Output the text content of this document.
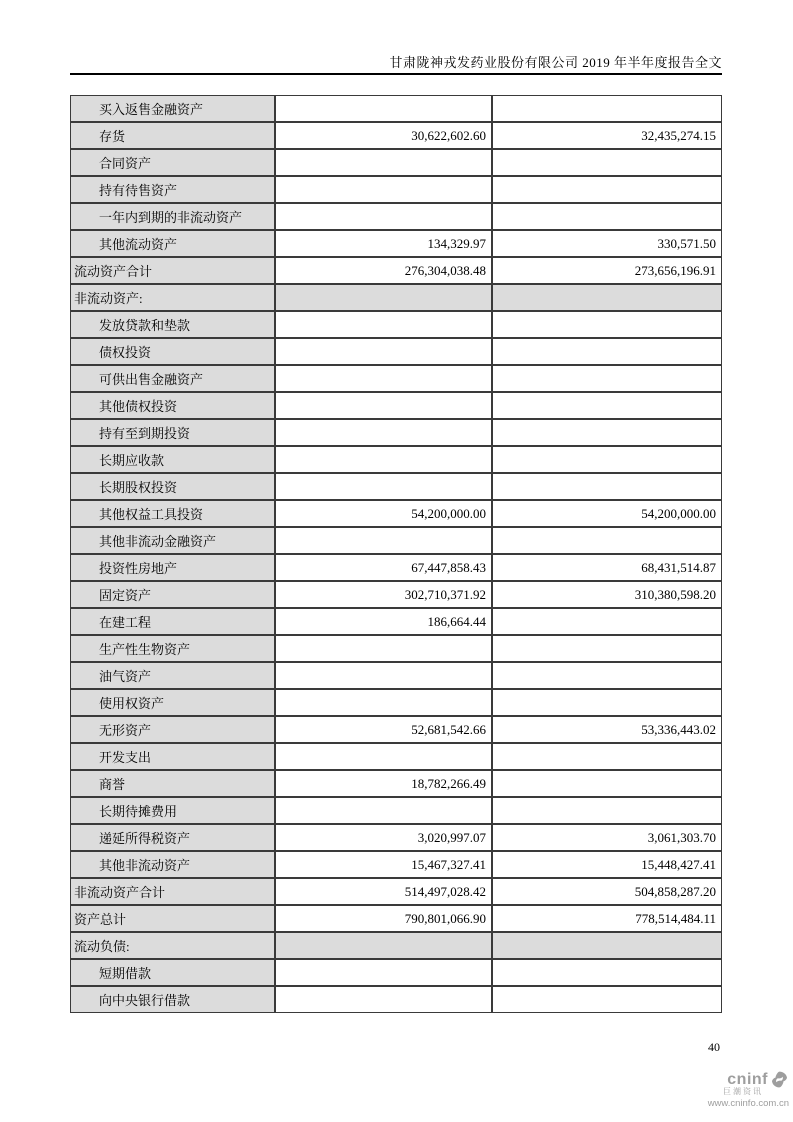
甘肃陇神戎发药业股份有限公司 2019 年半年度报告全文
买入返售金融资产		
存货	30,622,602.60	32,435,274.15
合同资产		
持有待售资产		
一年内到期的非流动资产		
其他流动资产	134,329.97	330,571.50
流动资产合计	276,304,038.48	273,656,196.91
非流动资产:		
发放贷款和垫款		
债权投资		
可供出售金融资产		
其他债权投资		
持有至到期投资		
长期应收款		
长期股权投资		
其他权益工具投资	54,200,000.00	54,200,000.00
其他非流动金融资产		
投资性房地产	67,447,858.43	68,431,514.87
固定资产	302,710,371.92	310,380,598.20
在建工程	186,664.44	
生产性生物资产		
油气资产		
使用权资产		
无形资产	52,681,542.66	53,336,443.02
开发支出		
商誉	18,782,266.49	
长期待摊费用		
递延所得税资产	3,020,997.07	3,061,303.70
其他非流动资产	15,467,327.41	15,448,427.41
非流动资产合计	514,497,028.42	504,858,287.20
资产总计	790,801,066.90	778,514,484.11
流动负债:		
短期借款		
向中央银行借款		
40
cninf
巨潮资讯
www.cninfo.com.cn
